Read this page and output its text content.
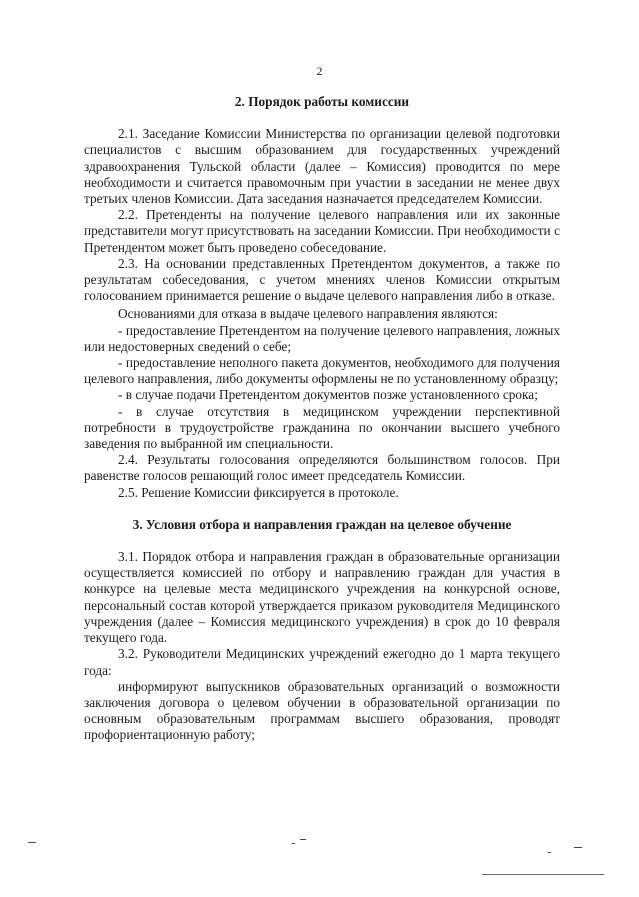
2
2. Порядок работы комиссии

2.1. Заседание Комиссии Министерства по организации целевой подготовки специалистов с высшим образованием для государственных учреждений здравоохранения Тульской области (далее – Комиссия) проводится по мере необходимости и считается правомочным при участии в заседании не менее двух третьих членов Комиссии. Дата заседания назначается председателем Комиссии.

2.2. Претенденты на получение целевого направления или их законные представители могут присутствовать на заседании Комиссии. При необходимости с Претендентом может быть проведено собеседование.

2.3. На основании представленных Претендентом документов, а также по результатам собеседования, с учетом мнениях членов Комиссии открытым голосованием принимается решение о выдаче целевого направления либо в отказе.

Основаниями для отказа в выдаче целевого направления являются:

- предоставление Претендентом на получение целевого направления, ложных или недостоверных сведений о себе;

- предоставление неполного пакета документов, необходимого для получения целевого направления, либо документы оформлены не по установленному образцу;

- в случае подачи Претендентом документов позже установленного срока;

- в случае отсутствия в медицинском учреждении перспективной потребности в трудоустройстве гражданина по окончании высшего учебного заведения по выбранной им специальности.

2.4. Результаты голосования определяются большинством голосов. При равенстве голосов решающий голос имеет председатель Комиссии.

2.5. Решение Комиссии фиксируется в протоколе.

3. Условия отбора и направления граждан на целевое обучение

3.1. Порядок отбора и направления граждан в образовательные организации осуществляется комиссией по отбору и направлению граждан для участия в конкурсе на целевые места медицинского учреждения на конкурсной основе, персональный состав которой утверждается приказом руководителя Медицинского учреждения (далее – Комиссия медицинского учреждения) в срок до 10 февраля текущего года.

3.2. Руководители Медицинских учреждений ежегодно до 1 марта текущего года:

информируют выпускников образовательных организаций о возможности заключения договора о целевом обучении в образовательной организации по основным образовательным программам высшего образования, проводят профориентационную работу;
